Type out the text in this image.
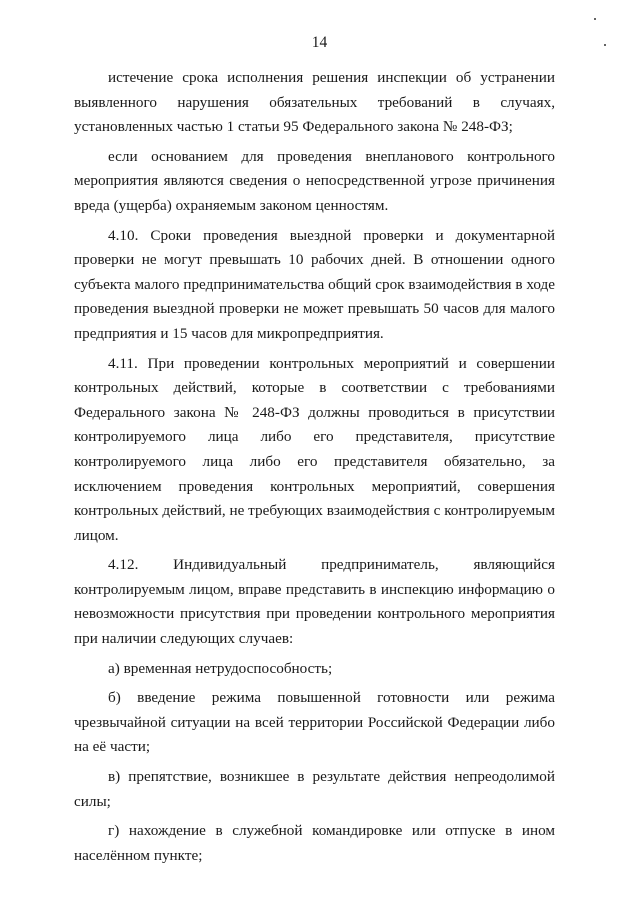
14

истечение срока исполнения решения инспекции об устранении выявленного нарушения обязательных требований в случаях, установленных частью 1 статьи 95 Федерального закона № 248-ФЗ;

если основанием для проведения внепланового контрольного мероприятия являются сведения о непосредственной угрозе причинения вреда (ущерба) охраняемым законом ценностям.

4.10. Сроки проведения выездной проверки и документарной проверки не могут превышать 10 рабочих дней. В отношении одного субъекта малого предпринимательства общий срок взаимодействия в ходе проведения выездной проверки не может превышать 50 часов для малого предприятия и 15 часов для микропредприятия.

4.11. При проведении контрольных мероприятий и совершении контрольных действий, которые в соответствии с требованиями Федерального закона № 248-ФЗ должны проводиться в присутствии контролируемого лица либо его представителя, присутствие контролируемого лица либо его представителя обязательно, за исключением проведения контрольных мероприятий, совершения контрольных действий, не требующих взаимодействия с контролируемым лицом.

4.12. Индивидуальный предприниматель, являющийся контролируемым лицом, вправе представить в инспекцию информацию о невозможности присутствия при проведении контрольного мероприятия при наличии следующих случаев:

а) временная нетрудоспособность;

б) введение режима повышенной готовности или режима чрезвычайной ситуации на всей территории Российской Федерации либо на её части;

в) препятствие, возникшее в результате действия непреодолимой силы;

г) нахождение в служебной командировке или отпуске в ином населённом пункте;
